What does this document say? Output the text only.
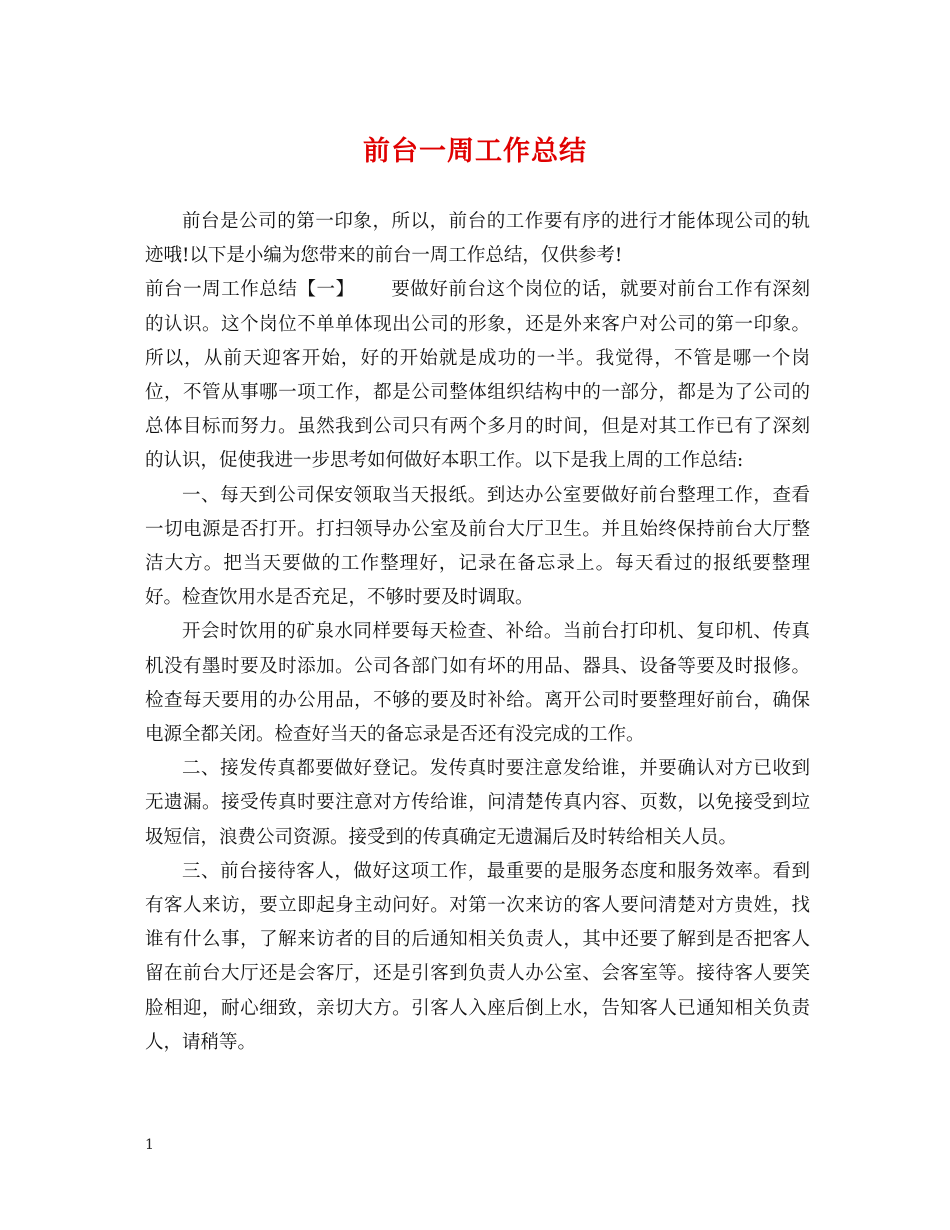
前台一周工作总结

前台是公司的第一印象，所以，前台的工作要有序的进行才能体现公司的轨迹哦!以下是小编为您带来的前台一周工作总结，仅供参考!

前台一周工作总结【一】 要做好前台这个岗位的话，就要对前台工作有深刻的认识。这个岗位不单单体现出公司的形象，还是外来客户对公司的第一印象。所以，从前天迎客开始，好的开始就是成功的一半。我觉得，不管是哪一个岗位，不管从事哪一项工作，都是公司整体组织结构中的一部分，都是为了公司的总体目标而努力。虽然我到公司只有两个多月的时间，但是对其工作已有了深刻的认识，促使我进一步思考如何做好本职工作。以下是我上周的工作总结:

一、每天到公司保安领取当天报纸。到达办公室要做好前台整理工作，查看一切电源是否打开。打扫领导办公室及前台大厅卫生。并且始终保持前台大厅整洁大方。把当天要做的工作整理好，记录在备忘录上。每天看过的报纸要整理好。检查饮用水是否充足，不够时要及时调取。

开会时饮用的矿泉水同样要每天检查、补给。当前台打印机、复印机、传真机没有墨时要及时添加。公司各部门如有坏的用品、器具、设备等要及时报修。检查每天要用的办公用品，不够的要及时补给。离开公司时要整理好前台，确保电源全都关闭。检查好当天的备忘录是否还有没完成的工作。

二、接发传真都要做好登记。发传真时要注意发给谁，并要确认对方已收到无遗漏。接受传真时要注意对方传给谁，问清楚传真内容、页数，以免接受到垃圾短信，浪费公司资源。接受到的传真确定无遗漏后及时转给相关人员。

三、前台接待客人，做好这项工作，最重要的是服务态度和服务效率。看到有客人来访，要立即起身主动问好。对第一次来访的客人要问清楚对方贵姓，找谁有什么事，了解来访者的目的后通知相关负责人，其中还要了解到是否把客人留在前台大厅还是会客厅，还是引客到负责人办公室、会客室等。接待客人要笑脸相迎，耐心细致，亲切大方。引客人入座后倒上水，告知客人已通知相关负责人，请稍等。

1
